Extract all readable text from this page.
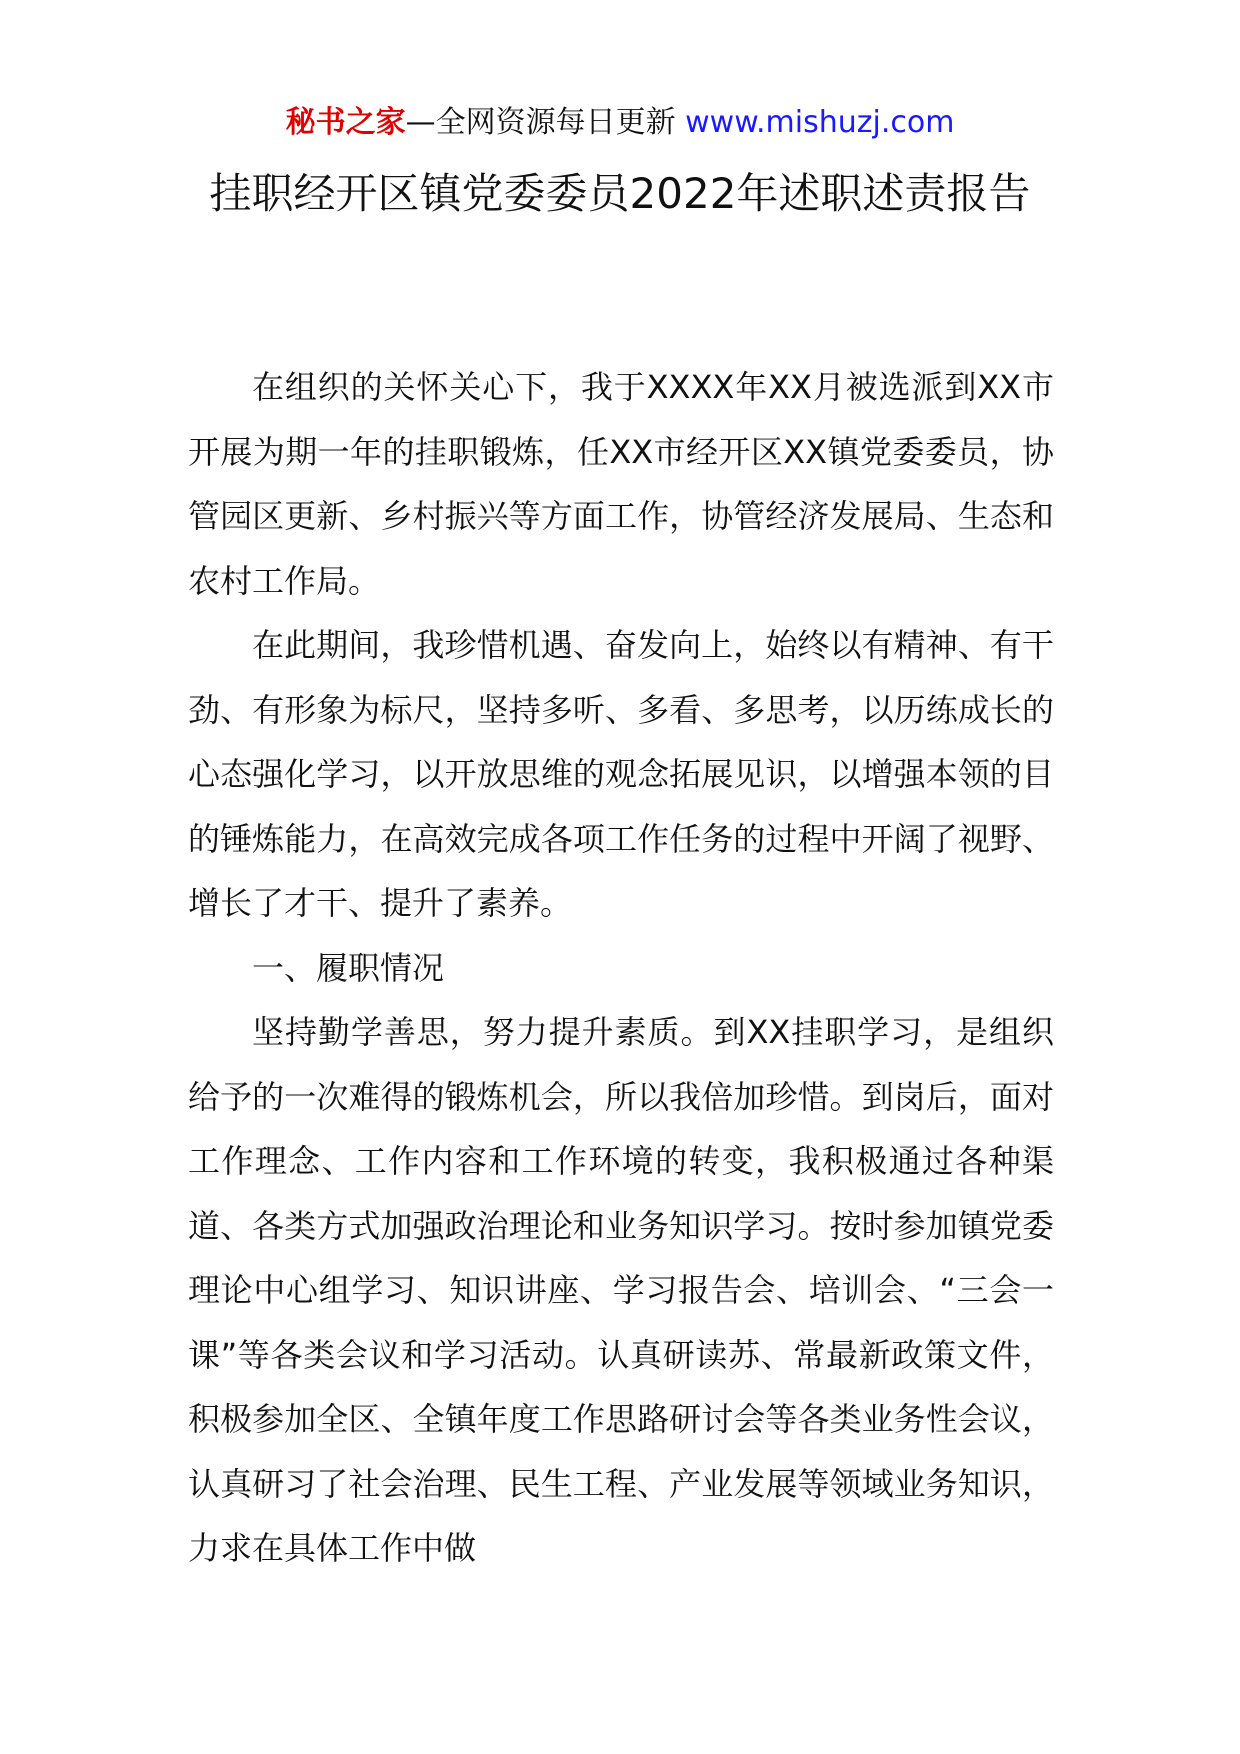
秘书之家—全网资源每日更新 www.mishuzj.com
挂职经开区镇党委委员2022年述职述责报告

在组织的关怀关心下，我于XXXX年XX月被选派到XX市开展为期一年的挂职锻炼，任XX市经开区XX镇党委委员，协管园区更新、乡村振兴等方面工作，协管经济发展局、生态和农村工作局。

在此期间，我珍惜机遇、奋发向上，始终以有精神、有干劲、有形象为标尺，坚持多听、多看、多思考，以历练成长的心态强化学习，以开放思维的观念拓展见识，以增强本领的目的锤炼能力，在高效完成各项工作任务的过程中开阔了视野、增长了才干、提升了素养。

一、履职情况

坚持勤学善思，努力提升素质。到XX挂职学习，是组织给予的一次难得的锻炼机会，所以我倍加珍惜。到岗后，面对工作理念、工作内容和工作环境的转变，我积极通过各种渠道、各类方式加强政治理论和业务知识学习。按时参加镇党委理论中心组学习、知识讲座、学习报告会、培训会、“三会一课”等各类会议和学习活动。认真研读苏、常最新政策文件，积极参加全区、全镇年度工作思路研讨会等各类业务性会议，认真研习了社会治理、民生工程、产业发展等领域业务知识，力求在具体工作中做
